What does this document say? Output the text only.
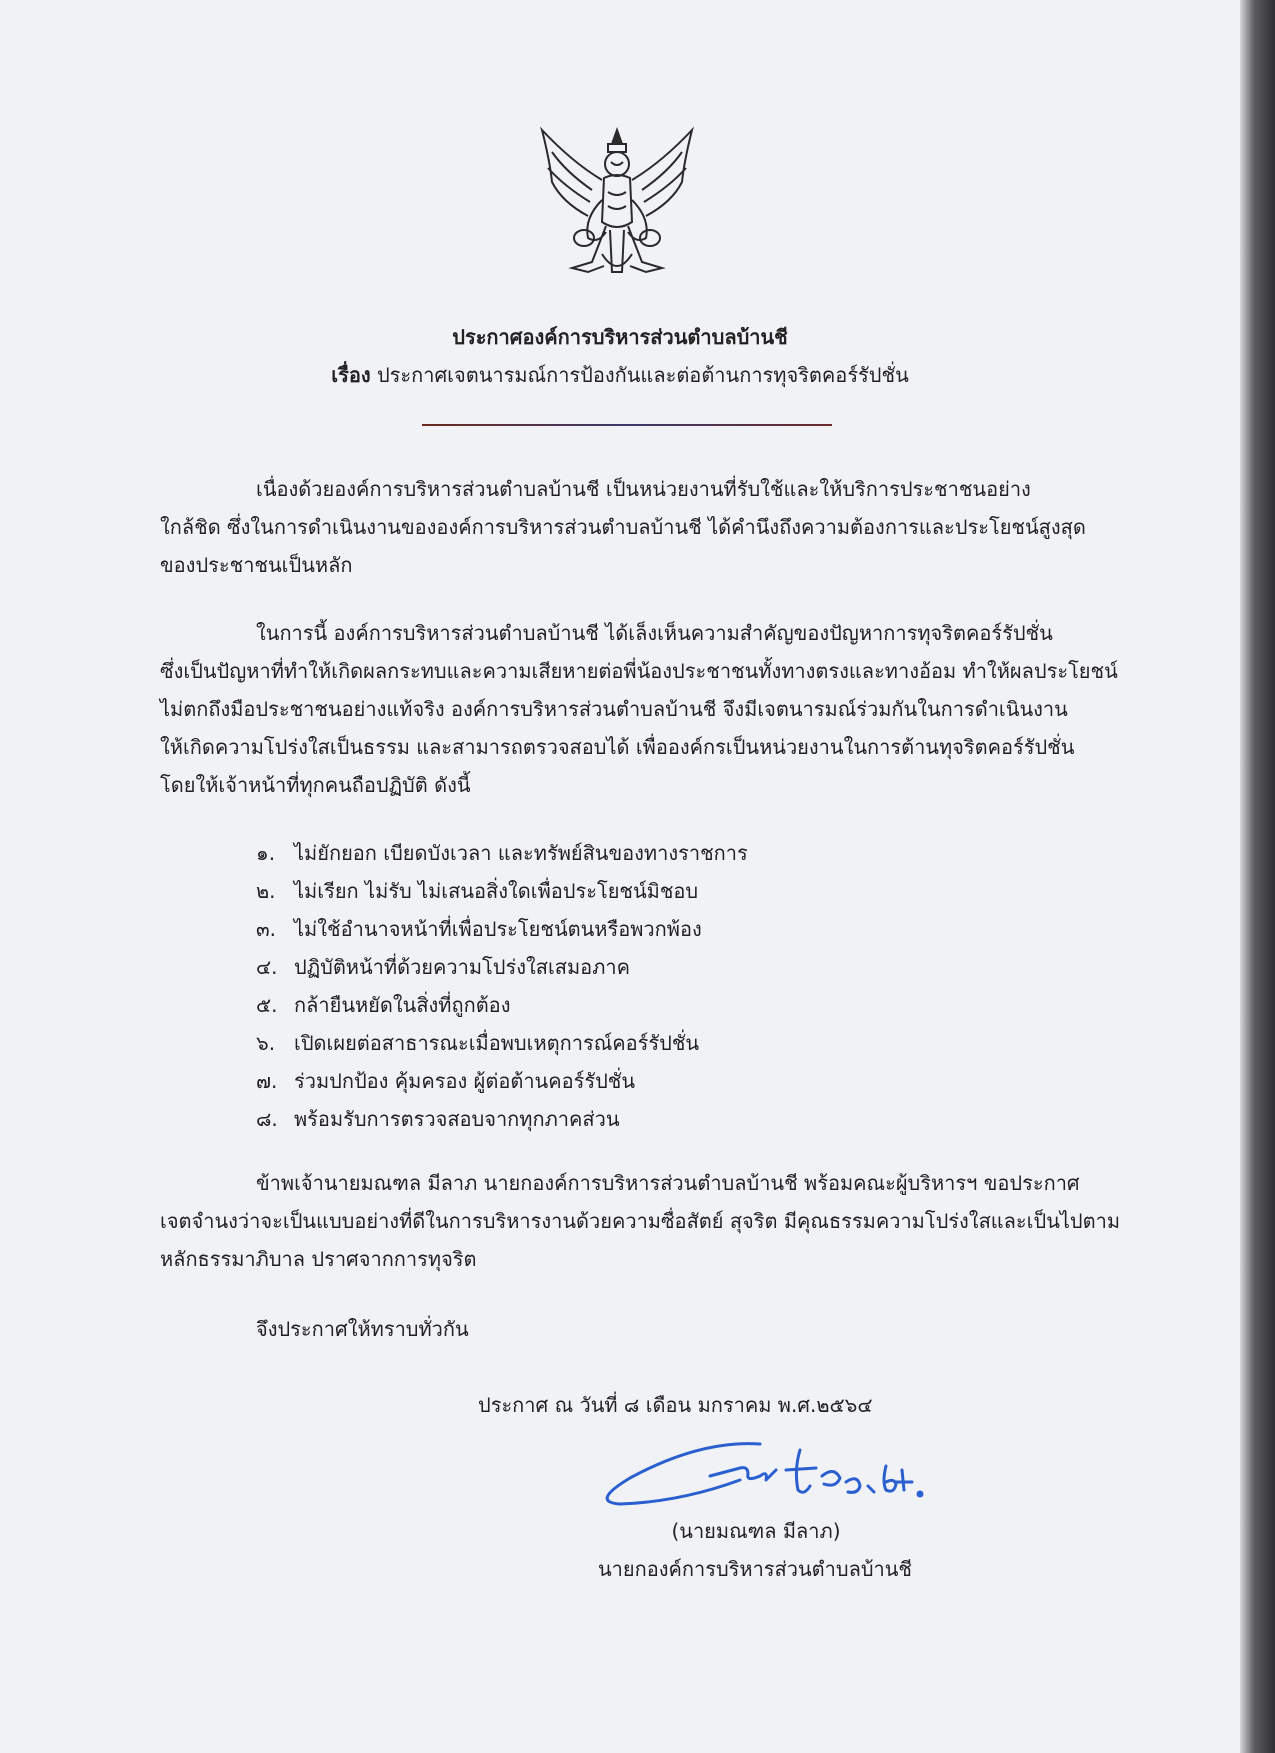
ประกาศองค์การบริหารส่วนตำบลบ้านชี
เรื่อง ประกาศเจตนารมณ์การป้องกันและต่อต้านการทุจริตคอร์รัปชั่น
เนื่องด้วยองค์การบริหารส่วนตำบลบ้านชี เป็นหน่วยงานที่รับใช้และให้บริการประชาชนอย่าง
ใกล้ชิด ซึ่งในการดำเนินงานขององค์การบริหารส่วนตำบลบ้านชี ได้คำนึงถึงความต้องการและประโยชน์สูงสุด
ของประชาชนเป็นหลัก
ในการนี้ องค์การบริหารส่วนตำบลบ้านชี ได้เล็งเห็นความสำคัญของปัญหาการทุจริตคอร์รัปชั่น
ซึ่งเป็นปัญหาที่ทำให้เกิดผลกระทบและความเสียหายต่อพี่น้องประชาชนทั้งทางตรงและทางอ้อม ทำให้ผลประโยชน์
ไม่ตกถึงมือประชาชนอย่างแท้จริง องค์การบริหารส่วนตำบลบ้านชี จึงมีเจตนารมณ์ร่วมกันในการดำเนินงาน
ให้เกิดความโปร่งใสเป็นธรรม และสามารถตรวจสอบได้ เพื่อองค์กรเป็นหน่วยงานในการต้านทุจริตคอร์รัปชั่น
โดยให้เจ้าหน้าที่ทุกคนถือปฏิบัติ ดังนี้
๑. ไม่ยักยอก เบียดบังเวลา และทรัพย์สินของทางราชการ
๒. ไม่เรียก ไม่รับ ไม่เสนอสิ่งใดเพื่อประโยชน์มิชอบ
๓. ไม่ใช้อำนาจหน้าที่เพื่อประโยชน์ตนหรือพวกพ้อง
๔. ปฏิบัติหน้าที่ด้วยความโปร่งใสเสมอภาค
๕. กล้ายืนหยัดในสิ่งที่ถูกต้อง
๖. เปิดเผยต่อสาธารณะเมื่อพบเหตุการณ์คอร์รัปชั่น
๗. ร่วมปกป้อง คุ้มครอง ผู้ต่อต้านคอร์รัปชั่น
๘. พร้อมรับการตรวจสอบจากทุกภาคส่วน
ข้าพเจ้านายมณฑล มีลาภ นายกองค์การบริหารส่วนตำบลบ้านชี พร้อมคณะผู้บริหารฯ ขอประกาศ
เจตจำนงว่าจะเป็นแบบอย่างที่ดีในการบริหารงานด้วยความซื่อสัตย์ สุจริต มีคุณธรรมความโปร่งใสและเป็นไปตาม
หลักธรรมาภิบาล ปราศจากการทุจริต
จึงประกาศให้ทราบทั่วกัน
ประกาศ ณ วันที่ ๘ เดือน มกราคม พ.ศ.๒๕๖๔
(นายมณฑล มีลาภ)
นายกองค์การบริหารส่วนตำบลบ้านชี
